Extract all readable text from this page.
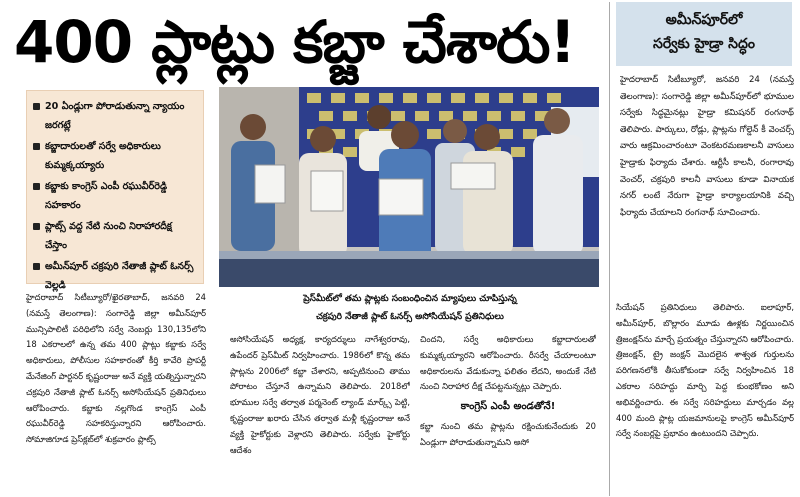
400 ప్లాట్లు కబ్జా చేశారు!	అమీన్‌పూర్‌లో
సర్వేకు హైడ్రా సిద్ధం
హైదరాబాద్‌ సిటీబ్యూరో, జనవరి 24 (నమస్తే తెలంగాణ): సంగారెడ్డి జిల్లా అమీన్‌పూర్‌లో భూముల సర్వేకు సిద్ధమైనట్లు హైడ్రా కమిషనర్‌ రంగనాథ్‌ తెలిపారు. పార్కులు, రోడ్లు, ప్లాట్లను గోల్డెన్‌ కీ వెంచర్స్‌ వారు ఆక్రమించారంటూ వెంకటరమణకాలనీ వాసులు హైడ్రాకు ఫిర్యాదు చేశారు. ఆర్టీసీ కాలనీ, రంగారావు వెంచర్‌, చక్రపురి కాలనీ వాసులు కూడా వినాయక నగర్‌ లంటే నేరుగా హైడ్రా కార్యాలయానికి వచ్చి ఫిర్యాదు చేయాలని రంగనాథ్‌ సూచించారు.
20 ఏండ్లుగా పోరాడుతున్నా న్యాయం జరగట్లే
కబ్జాదారులతో సర్వే అధికారులు కుమ్మక్కయ్యారు
కబ్జాకు కాంగ్రెస్‌ ఎంపీ రఘువీర్‌రెడ్డి సహకారం
ప్లాట్స్‌ వద్ద నేటి నుంచి నిరాహారదీక్ష చేస్తాం
అమీన్‌పూర్‌ చక్రపురి నేతాజీ ప్లాట్‌ ఓనర్స్‌ వెల్లడి
ప్రెస్‌మీట్‌లో తమ ప్లాట్లకు సంబంధించిన మ్యాపులు చూపిస్తున్న
చక్రపురి నేతాజీ ప్లాట్‌ ఓనర్స్‌ అసోసియేషన్‌ ప్రతినిధులు
హైదరాబాద్‌ సిటీబ్యూరో/ఖైరతాబాద్‌, జనవరి 24 (నమస్తే తెలంగాణ): సంగారెడ్డి జిల్లా అమీన్‌పూర్‌ మున్సిపాలిటీ పరిధిలోని సర్వే నెంబర్లు 130,135లోని 18 ఎకరాలలో ఉన్న తమ 400 ప్లాట్లు కబ్జాకు సర్వే అధికారులు, పోలీసుల సహకారంతో కీర్తి కావేరి ప్రాపర్టీ మేనేజింగ్‌ పార్టనర్‌ కృష్ణంరాజు అనే వ్యక్తి యత్నిస్తున్నారని చక్రపురి నేతాజీ ప్లాట్‌ ఓనర్స్‌ అసోసియేషన్‌ ప్రతినిధులు ఆరోపించారు. కబ్జాకు నల్లగొండ కాంగ్రెస్‌ ఎంపీ రఘువీర్‌రెడ్డి సహకరిస్తున్నారని ఆరోపించారు. సోమాజిగూడ ప్రెస్‌క్లబ్‌లో శుక్రవారం ప్లాట్స్‌
అసోసియేషన్‌ అధ్యక్ష, కార్యదర్శులు నాగేశ్వరరావు, ఉపేందర్‌ ప్రెస్‌మీట్‌ నిర్వహించారు. 1986లో కొన్న తమ ప్లాట్లను 2006లో కబ్జా చేశారని, అప్పటినుంచి తాము పోరాటం చేస్తూనే ఉన్నామని తెలిపారు. 2018లో భూముల సర్వే తర్వాత పర్మనెంట్‌ ల్యాండ్‌ మార్క్స్‌ పెట్టి, కృష్ణంరాజు ఖరారు చేసిన తర్వాత మళ్లీ కృష్ణంరాజు అనే వ్యక్తి హైకోర్టుకు వెళ్లారని తెలిపారు. సర్వేకు హైకోర్టు ఆదేశం
చిందని, సర్వే అధికారులు కబ్జాదారులతో కుమ్మక్కయ్యారని ఆరోపించారు. రీసర్వే చేయాలంటూ అధికారులను వేడుకున్నా ఫలితం లేదని, అందుకే నేటి నుంచి నిరాహార దీక్ష చేపట్టనున్నట్లు చెప్పారు.
కాంగ్రెస్‌ ఎంపీ అండతోనే!
కబ్జా నుంచి తమ ప్లాట్లను రక్షించుకునేందుకు 20 ఏండ్లుగా పోరాడుతున్నామని అసో
సియేషన్‌ ప్రతినిధులు తెలిపారు. ఐలాపూర్‌, అమీన్‌పూర్‌, బొల్లారం మూడు ఊళ్లకు నిర్ణయించిన త్రిజంక్షన్‌ను మార్చే ప్రయత్నం చేస్తున్నారని ఆరోపించారు. త్రిజంక్షన్‌, ట్రై జంక్షన్‌ మొదలైన శాశ్వత గుర్తులను పరిగణనలోకి తీసుకోకుండా సర్వే నిర్వహించిన 18 ఎకరాల సరిహద్దు మార్చి పెద్ద కుంభకోణం అని అభివర్ణించారు. ఈ సర్వే సరిహద్దులు మార్చడం వల్ల 400 మంది ప్లాట్ల యజమానులపై కాంగ్రెస్‌ అమీన్‌పూర్‌ సర్వే నంబర్లపై ప్రభావం ఉంటుందని చెప్పారు.
